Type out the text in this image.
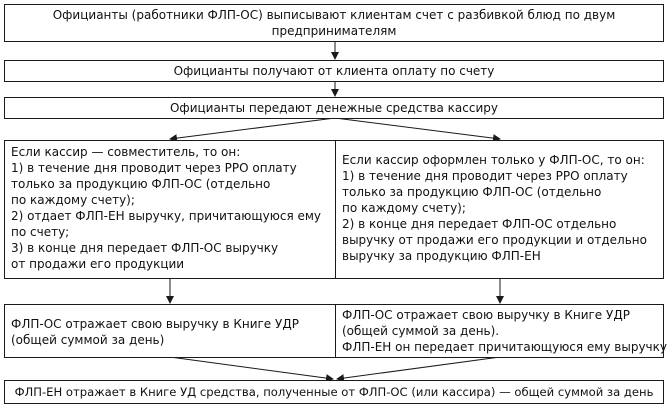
Официанты (работники ФЛП-ОС) выписывают клиентам счет с разбивкой блюд по двум
предпринимателям
Официанты получают от клиента оплату по счету
Официанты передают денежные средства кассиру
Если кассир — совместитель, то он:
1) в течение дня проводит через РРО оплату
только за продукцию ФЛП-ОС (отдельно
по каждому счету);
2) отдает ФЛП-ЕН выручку, причитающуюся ему
по счету;
3) в конце дня передает ФЛП-ОС выручку
от продажи его продукции
Если кассир оформлен только у ФЛП-ОС, то он:
1) в течение дня проводит через РРО оплату
только за продукцию ФЛП-ОС (отдельно
по каждому счету);
2) в конце дня передает ФЛП-ОС отдельно
выручку от продажи его продукции и отдельно
выручку за продукцию ФЛП-ЕН
ФЛП-ОС отражает свою выручку в Книге УДР
(общей суммой за день)
ФЛП-ОС отражает свою выручку в Книге УДР
(общей суммой за день).
ФЛП-ЕН он передает причитающуюся ему выручку
ФЛП-ЕН отражает в Книге УД средства, полученные от ФЛП-ОС (или кассира) — общей суммой за день
